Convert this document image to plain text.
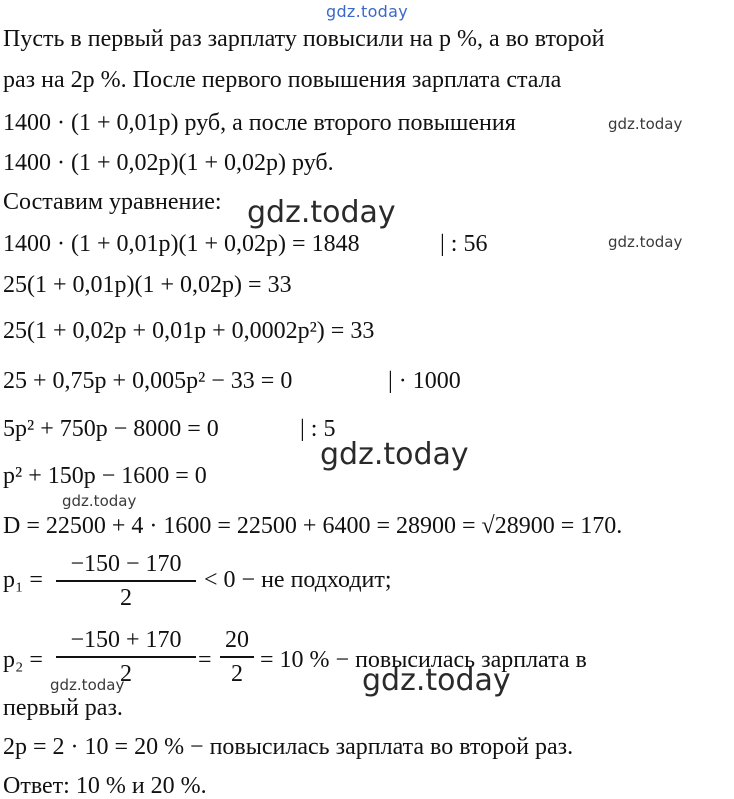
gdz.today
Пусть в первый раз зарплату повысили на p %, а во второй
раз на 2p %. После первого повышения зарплата стала
1400 · (1 + 0,01p) руб, а после второго повышения	gdz.today
1400 · (1 + 0,02p)(1 + 0,02p) руб.
Составим уравнение: gdz.today
1400 · (1 + 0,01p)(1 + 0,02p) = 1848	| : 56	gdz.today
25(1 + 0,01p)(1 + 0,02p) = 33
25(1 + 0,02p + 0,01p + 0,0002p²) = 33
25 + 0,75p + 0,005p² − 33 = 0	| · 1000
5p² + 750p − 8000 = 0	| : 5
gdz.today
p² + 150p − 1600 = 0
gdz.today
D = 22500 + 4 · 1600 = 22500 + 6400 = 28900 = √28900 = 170.
p₁ =
−150 − 170
2
< 0 − не подходит;
p₂ =
−150 + 170
2
=
20
2
= 10 % − повысилась зарплата в
gdz.today
gdz.today
первый раз.
2p = 2 · 10 = 20 % − повысилась зарплата во второй раз.
Ответ: 10 % и 20 %.
